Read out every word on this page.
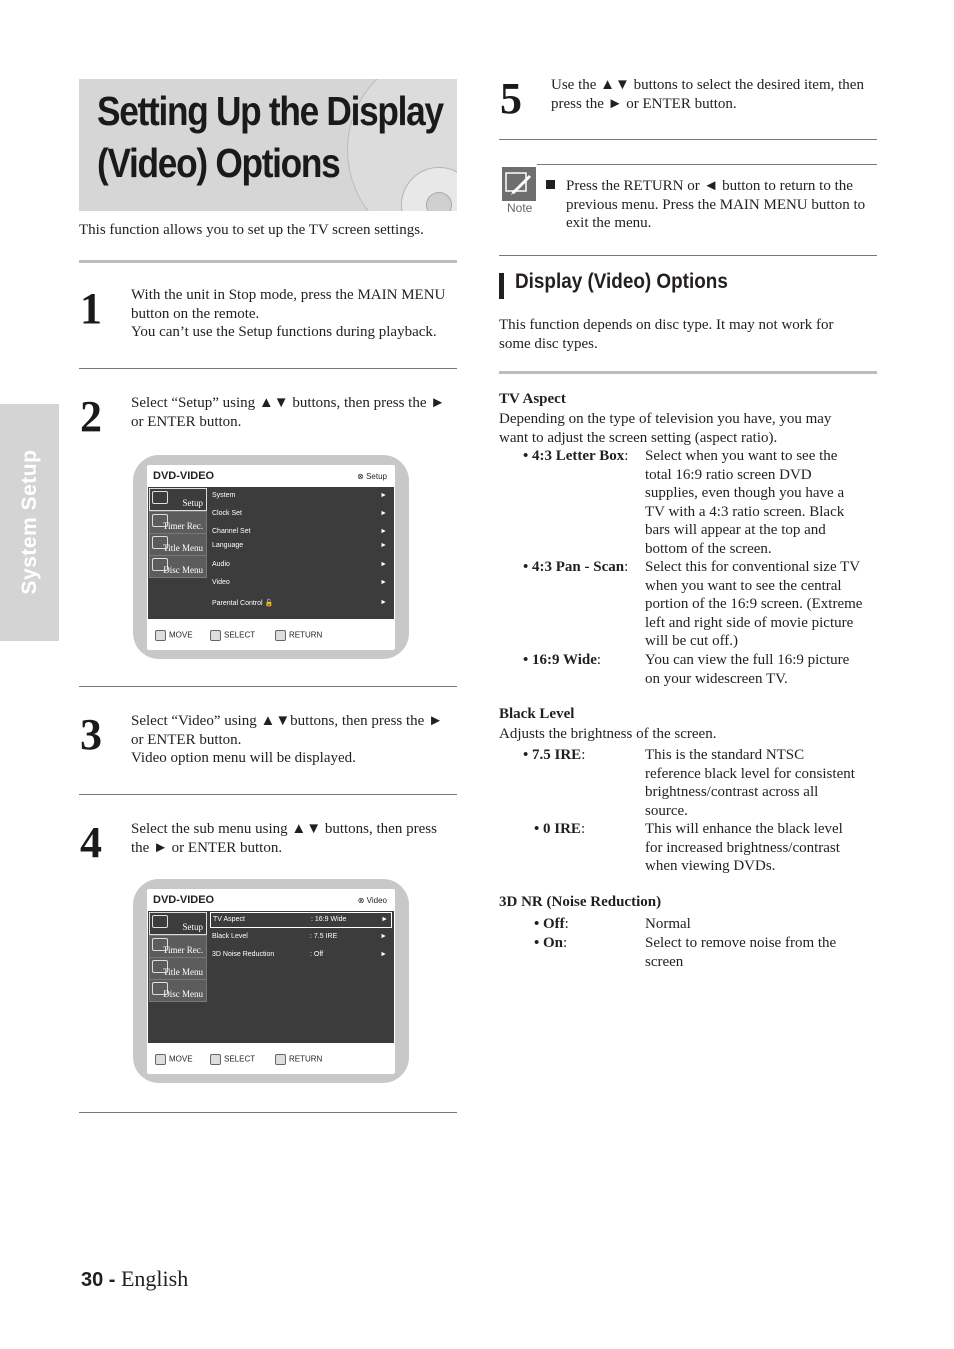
Setting Up the Display
(Video) Options
This function allows you to set up the TV screen settings.
System Setup
1 With the unit in Stop mode, press the MAIN MENU
button on the remote.
You can’t use the Setup functions during playback.
2 Select “Setup” using ▲▼ buttons, then press the ►
or ENTER button.
DVD-VIDEO	⊗ Setup
Setup
Timer Rec.
Title Menu
Disc Menu
System	►
Clock Set	►
Channel Set	►
Language	►
Audio	►
Video	►
Parental Control 🔓	►
MOVE	SELECT	RETURN
3 Select “Video” using ▲▼buttons, then press the ►
or ENTER button.
Video option menu will be displayed.
4 Select the sub menu using ▲▼ buttons, then press
the ► or ENTER button.
DVD-VIDEO	⊗ Video
Setup
Timer Rec.
Title Menu
Disc Menu
TV Aspect	: 16:9 Wide	►
Black Level	: 7.5 IRE	►
3D Noise Reduction	: Off	►
MOVE	SELECT	RETURN
5 Use the ▲▼ buttons to select the desired item, then
press the ► or ENTER button.
Note
Press the RETURN or ◄ button to return to the
previous menu. Press the MAIN MENU button to
exit the menu.
Display (Video) Options
This function depends on disc type. It may not work for
some disc types.
TV Aspect
Depending on the type of television you have, you may
want to adjust the screen setting (aspect ratio).
• 4:3 Letter Box: Select when you want to see the
total 16:9 ratio screen DVD
supplies, even though you have a
TV with a 4:3 ratio screen. Black
bars will appear at the top and
bottom of the screen.
• 4:3 Pan - Scan: Select this for conventional size TV
when you want to see the central
portion of the 16:9 screen. (Extreme
left and right side of movie picture
will be cut off.)
• 16:9 Wide:	You can view the full 16:9 picture
on your widescreen TV.
Black Level
Adjusts the brightness of the screen.
• 7.5 IRE:	This is the standard NTSC
reference black level for consistent
brightness/contrast across all
source.
• 0 IRE:	This will enhance the black level
for increased brightness/contrast
when viewing DVDs.
3D NR (Noise Reduction)
• Off:	Normal
• On:	Select to remove noise from the
screen
30 - English
